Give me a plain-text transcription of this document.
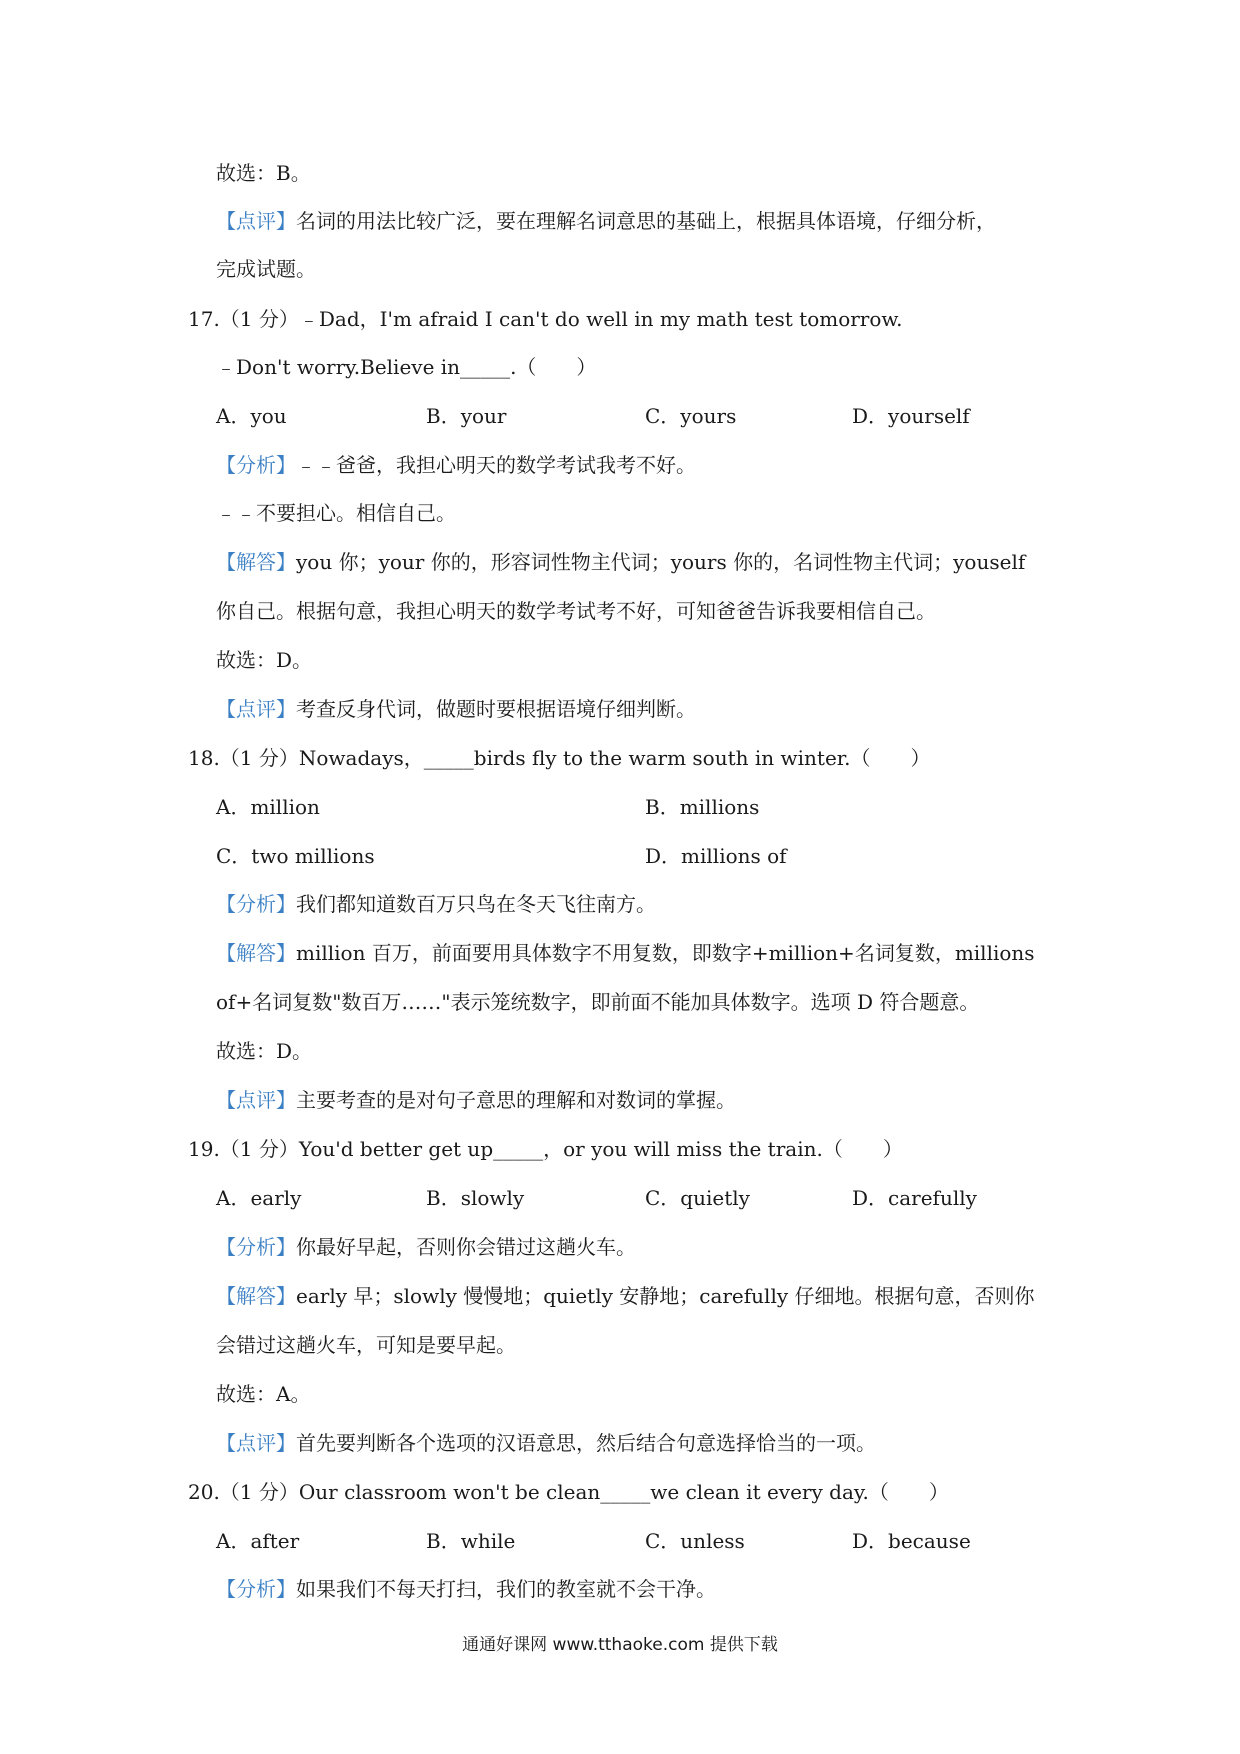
故选：B。
【点评】名词的用法比较广泛，要在理解名词意思的基础上，根据具体语境，仔细分析，
完成试题。
17.（1 分）﹣Dad，I'm afraid I can't do well in my math test tomorrow.
﹣Don't worry.Believe in_____.（　　）
A．you	B．your	C．yours	D．yourself
【分析】﹣﹣爸爸，我担心明天的数学考试我考不好。
﹣﹣不要担心。相信自己。
【解答】you 你；your 你的，形容词性物主代词；yours 你的，名词性物主代词；youself
你自己。根据句意，我担心明天的数学考试考不好，可知爸爸告诉我要相信自己。
故选：D。
【点评】考查反身代词，做题时要根据语境仔细判断。
18.（1 分）Nowadays，_____birds fly to the warm south in winter.（　　）
A．million	B．millions
C．two millions	D．millions of
【分析】我们都知道数百万只鸟在冬天飞往南方。
【解答】million 百万，前面要用具体数字不用复数，即数字+million+名词复数，millions
of+名词复数"数百万……"表示笼统数字，即前面不能加具体数字。选项 D 符合题意。
故选：D。
【点评】主要考查的是对句子意思的理解和对数词的掌握。
19.（1 分）You'd better get up_____，or you will miss the train.（　　）
A．early	B．slowly	C．quietly	D．carefully
【分析】你最好早起，否则你会错过这趟火车。
【解答】early 早；slowly 慢慢地；quietly 安静地；carefully 仔细地。根据句意，否则你
会错过这趟火车，可知是要早起。
故选：A。
【点评】首先要判断各个选项的汉语意思，然后结合句意选择恰当的一项。
20.（1 分）Our classroom won't be clean_____we clean it every day.（　　）
A．after	B．while	C．unless	D．because
【分析】如果我们不每天打扫，我们的教室就不会干净。
通通好课网 www.tthaoke.com 提供下载
